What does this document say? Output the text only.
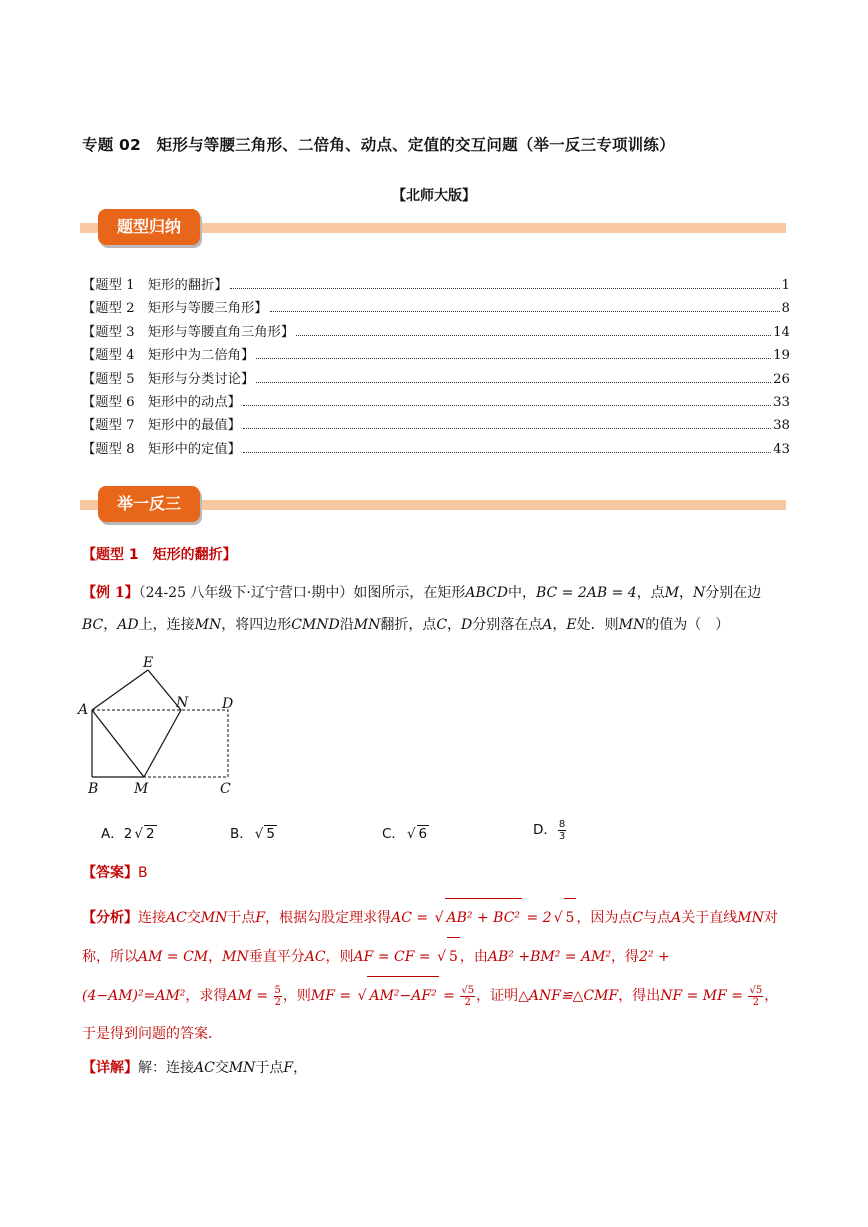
专题 02　矩形与等腰三角形、二倍角、动点、定值的交互问题（举一反三专项训练）
【北师大版】
题型归纳
【题型 1　矩形的翻折】	1
【题型 2　矩形与等腰三角形】	8
【题型 3　矩形与等腰直角三角形】	14
【题型 4　矩形中为二倍角】	19
【题型 5　矩形与分类讨论】	26
【题型 6　矩形中的动点】	33
【题型 7　矩形中的最值】	38
【题型 8　矩形中的定值】	43
举一反三
【题型 1　矩形的翻折】
【例 1】（24-25 八年级下·辽宁营口·期中）如图所示，在矩形ABCD中，BC = 2AB = 4，点M，N分别在边BC，AD上，连接MN，将四边形CMND沿MN翻折，点C，D分别落在点A，E处．则MN的值为（　）
A
B	C
D
E
M
N
A．2 √ 2	B． √ 5	C． √ 6	D． $\frac{8}{3}$
【答案】B
【分析】连接AC交MN于点F，根据勾股定理求得AC = √ AB² + BC² = 2 √ 5 ，因为点C与点A关于直线MN对称，所以AM = CM，MN垂直平分AC，则AF = CF = √ 5 ，由AB² +BM² = AM²，得2² + (4−AM)²=AM²，求得AM = $\frac{5}{2}$ ，则MF = √ $AM^2-AF^2 = \frac{√5}{2}$ ，证明△ANF≌△CMF，得出NF = MF = $\frac{√5}{2}$ ，于是得到问题的答案．
【详解】解：连接AC交MN于点F，
